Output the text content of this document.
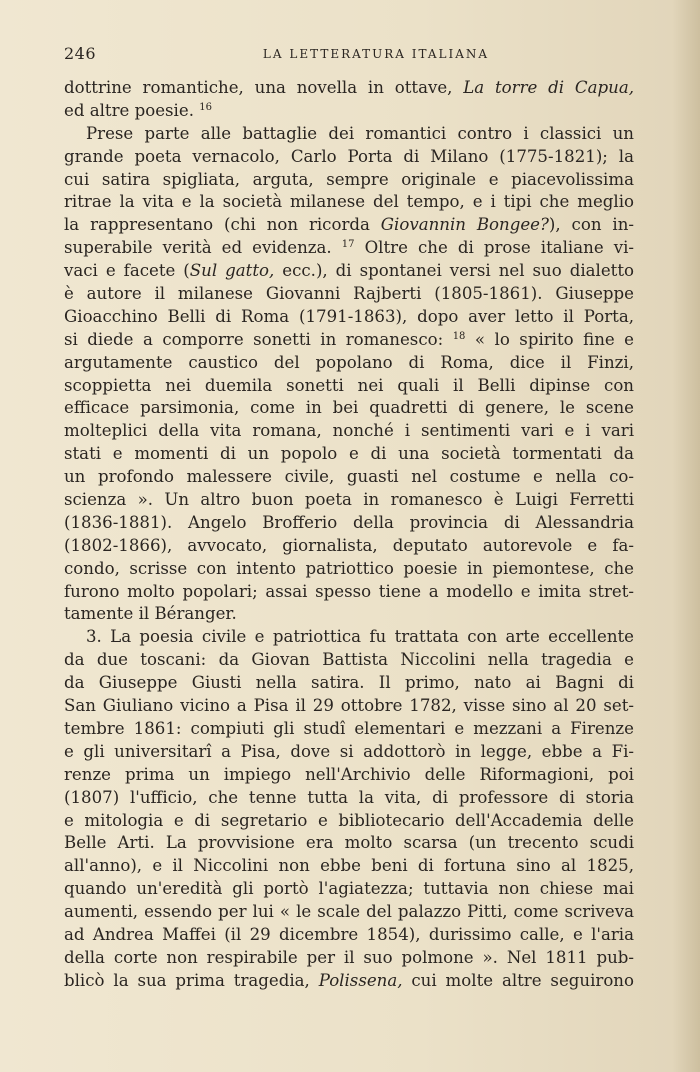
246	LA LETTERATURA ITALIANA
dottrine romantiche, una novella in ottave, La torre di Capua,
ed altre poesie. $^{16}$
Prese parte alle battaglie dei romantici contro i classici un
grande poeta vernacolo, Carlo Porta di Milano (1775-1821); la
cui satira spigliata, arguta, sempre originale e piacevolissima
ritrae la vita e la società milanese del tempo, e i tipi che meglio
la rappresentano (chi non ricorda Giovannin Bongee?), con in-
superabile verità ed evidenza. $^{17}$ Oltre che di prose italiane vi-
vaci e facete (Sul gatto, ecc.), di spontanei versi nel suo dialetto
è autore il milanese Giovanni Rajberti (1805-1861). Giuseppe
Gioacchino Belli di Roma (1791-1863), dopo aver letto il Porta,
si diede a comporre sonetti in romanesco: $^{18}$ « lo spirito fine e
argutamente caustico del popolano di Roma, dice il Finzi,
scoppietta nei duemila sonetti nei quali il Belli dipinse con
efficace parsimonia, come in bei quadretti di genere, le scene
molteplici della vita romana, nonché i sentimenti vari e i vari
stati e momenti di un popolo e di una società tormentati da
un profondo malessere civile, guasti nel costume e nella co-
scienza ». Un altro buon poeta in romanesco è Luigi Ferretti
(1836-1881). Angelo Brofferio della provincia di Alessandria
(1802-1866), avvocato, giornalista, deputato autorevole e fa-
condo, scrisse con intento patriottico poesie in piemontese, che
furono molto popolari; assai spesso tiene a modello e imita stret-
tamente il Béranger.
3. La poesia civile e patriottica fu trattata con arte eccellente
da due toscani: da Giovan Battista Niccolini nella tragedia e
da Giuseppe Giusti nella satira. Il primo, nato ai Bagni di
San Giuliano vicino a Pisa il 29 ottobre 1782, visse sino al 20 set-
tembre 1861: compiuti gli studî elementari e mezzani a Firenze
e gli universitarî a Pisa, dove si addottorò in legge, ebbe a Fi-
renze prima un impiego nell'Archivio delle Riformagioni, poi
(1807) l'ufficio, che tenne tutta la vita, di professore di storia
e mitologia e di segretario e bibliotecario dell'Accademia delle
Belle Arti. La provvisione era molto scarsa (un trecento scudi
all'anno), e il Niccolini non ebbe beni di fortuna sino al 1825,
quando un'eredità gli portò l'agiatezza; tuttavia non chiese mai
aumenti, essendo per lui « le scale del palazzo Pitti, come scriveva
ad Andrea Maffei (il 29 dicembre 1854), durissimo calle, e l'aria
della corte non respirabile per il suo polmone ». Nel 1811 pub-
blicò la sua prima tragedia, Polissena, cui molte altre seguirono
